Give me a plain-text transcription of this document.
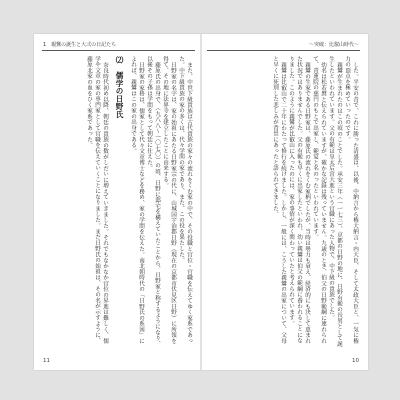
1　親鸞の誕生と大弐の日記たち

また、中世下級貴族は古代貴族の家々の流れをくむ家の中で、その役職と官位・官職を伝えてゆく家系であった。中下級貴族の家の多くは、代々学問の家であり、また、この役を果たした。

日野家の名字は、家の始祖にあたる日野家宗の代に、山城国宇治郡日野（現在の京都市伏見区日野）に所領を得て、その地に法界寺を建立したことに由来する。

藤原氏の出身で、（九八八〜一〇七〇）の頃、日野に邸宅を構えていたことから、日野家と称するようになり、以後その子孫は学問をもって朝廷に仕えた。

日野家の家格は、儒家として代々文章博士などを務め、家の学問を伝えた。南北朝時代の「日野氏の系図」によれば、親鸞はこの家の出身である。

⑵　儒学の日野氏

奈良時代初め以降、朝廷の貴族の数がしだいに増えていきました。それでもなかなか官位の昇進は難しく、儒学や文章の家の専門家として官職を伝えていくことになりました。まだ日野氏の始祖は、その名が示すように、藤原北家の血をひく家系であった。

11
〜突破：比叡山時代〜

した。平安の昔で、これに勝った清盛は、以後、中納言から権大納言・内大臣、そして太政大臣と、一気に権力の頂点を極めていったのです。

親鸞が生まれたのはこの頃のことでした。承安三年（一一七三）、京都の日野の地に、日野有範の長男として誕生したといわれています。父の有範は皇太后宮大進という官職にあった人物で、中下級の貴族でした。

幼名は松若麿と伝えられていますが、確かな記録は残っていません。九歳のとき、伯父の日野範綱に連れられて、青蓮院の慈円のもとで出家し、範宴と名のったといわれています。

親鸞の生家である日野家は、藤原氏の流れをくむ家柄でしたが、当時は勢力も衰え、経済的にも決して恵まれた状況ではありませんでした。父の有範も早くに出家したといわれ、幼い親鸞は伯父の範綱に養われることになりました。このように親鸞が比叡山に入ったのには、家の事情が深く関わっていたと考えられています。

親鸞は比叡山で二十年にわたって修行を続けました。しかし、一般には、こうした親鸞の出家について、父母と早くに死別した悲しみが背景にあったと語られてきました。

10
